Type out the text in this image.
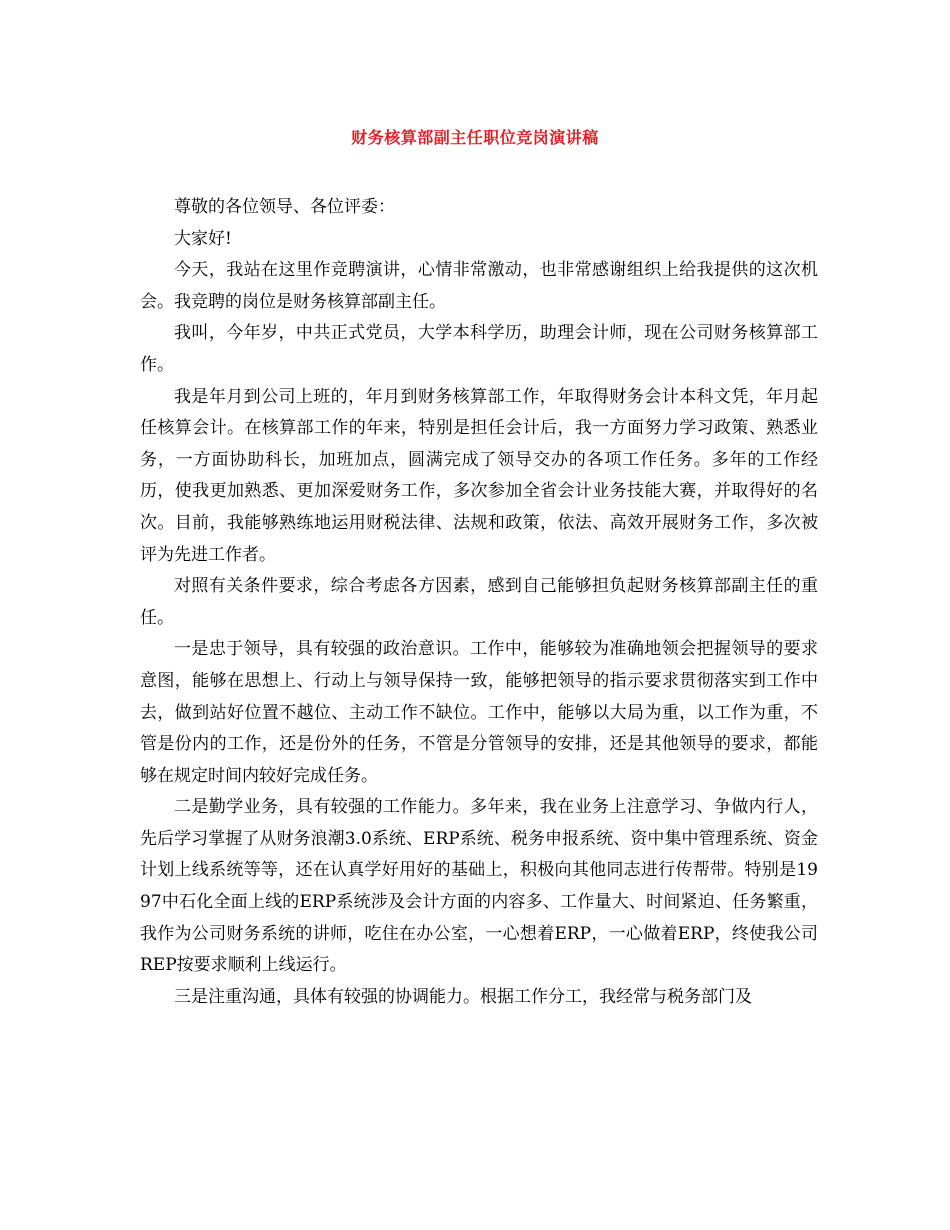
财务核算部副主任职位竞岗演讲稿

尊敬的各位领导、各位评委：

大家好!

今天，我站在这里作竞聘演讲，心情非常激动，也非常感谢组织上给我提供的这次机会。我竞聘的岗位是财务核算部副主任。

我叫，今年岁，中共正式党员，大学本科学历，助理会计师，现在公司财务核算部工作。

我是年月到公司上班的，年月到财务核算部工作，年取得财务会计本科文凭，年月起任核算会计。在核算部工作的年来，特别是担任会计后，我一方面努力学习政策、熟悉业务，一方面协助科长，加班加点，圆满完成了领导交办的各项工作任务。多年的工作经历，使我更加熟悉、更加深爱财务工作，多次参加全省会计业务技能大赛，并取得好的名次。目前，我能够熟练地运用财税法律、法规和政策，依法、高效开展财务工作，多次被评为先进工作者。

对照有关条件要求，综合考虑各方因素，感到自己能够担负起财务核算部副主任的重任。

一是忠于领导，具有较强的政治意识。工作中，能够较为准确地领会把握领导的要求意图，能够在思想上、行动上与领导保持一致，能够把领导的指示要求贯彻落实到工作中去，做到站好位置不越位、主动工作不缺位。工作中，能够以大局为重，以工作为重，不管是份内的工作，还是份外的任务，不管是分管领导的安排，还是其他领导的要求，都能够在规定时间内较好完成任务。

二是勤学业务，具有较强的工作能力。多年来，我在业务上注意学习、争做内行人，先后学习掌握了从财务浪潮3.0系统、ERP系统、税务申报系统、资中集中管理系统、资金计划上线系统等等，还在认真学好用好的基础上，积极向其他同志进行传帮带。特别是1997中石化全面上线的ERP系统涉及会计方面的内容多、工作量大、时间紧迫、任务繁重，我作为公司财务系统的讲师，吃住在办公室，一心想着ERP，一心做着ERP，终使我公司REP按要求顺利上线运行。

三是注重沟通，具体有较强的协调能力。根据工作分工，我经常与税务部门及
